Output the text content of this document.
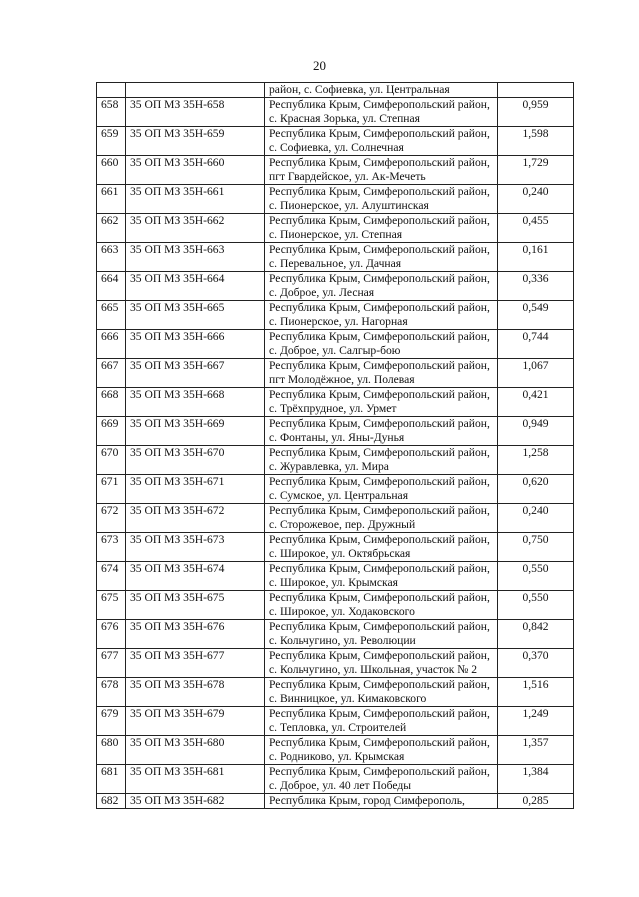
20
		район, с. Софиевка, ул. Центральная	
658	35 ОП МЗ 35Н-658	Республика Крым, Симферопольский район, с. Красная Зорька, ул. Степная	0,959
659	35 ОП МЗ 35Н-659	Республика Крым, Симферопольский район, с. Софиевка, ул. Солнечная	1,598
660	35 ОП МЗ 35Н-660	Республика Крым, Симферопольский район, пгт Гвардейское, ул. Ак-Мечеть	1,729
661	35 ОП МЗ 35Н-661	Республика Крым, Симферопольский район, с. Пионерское, ул. Алуштинская	0,240
662	35 ОП МЗ 35Н-662	Республика Крым, Симферопольский район, с. Пионерское, ул. Степная	0,455
663	35 ОП МЗ 35Н-663	Республика Крым, Симферопольский район, с. Перевальное, ул. Дачная	0,161
664	35 ОП МЗ 35Н-664	Республика Крым, Симферопольский район, с. Доброе, ул. Лесная	0,336
665	35 ОП МЗ 35Н-665	Республика Крым, Симферопольский район, с. Пионерское, ул. Нагорная	0,549
666	35 ОП МЗ 35Н-666	Республика Крым, Симферопольский район, с. Доброе, ул. Салгыр-бою	0,744
667	35 ОП МЗ 35Н-667	Республика Крым, Симферопольский район, пгт Молодёжное, ул. Полевая	1,067
668	35 ОП МЗ 35Н-668	Республика Крым, Симферопольский район, с. Трёхпрудное, ул. Урмет	0,421
669	35 ОП МЗ 35Н-669	Республика Крым, Симферопольский район, с. Фонтаны, ул. Яны-Дунья	0,949
670	35 ОП МЗ 35Н-670	Республика Крым, Симферопольский район, с. Журавлевка, ул. Мира	1,258
671	35 ОП МЗ 35Н-671	Республика Крым, Симферопольский район, с. Сумское, ул. Центральная	0,620
672	35 ОП МЗ 35Н-672	Республика Крым, Симферопольский район, с. Сторожевое, пер. Дружный	0,240
673	35 ОП МЗ 35Н-673	Республика Крым, Симферопольский район, с. Широкое, ул. Октябрьская	0,750
674	35 ОП МЗ 35Н-674	Республика Крым, Симферопольский район, с. Широкое, ул. Крымская	0,550
675	35 ОП МЗ 35Н-675	Республика Крым, Симферопольский район, с. Широкое, ул. Ходаковского	0,550
676	35 ОП МЗ 35Н-676	Республика Крым, Симферопольский район, с. Кольчугино, ул. Революции	0,842
677	35 ОП МЗ 35Н-677	Республика Крым, Симферопольский район, с. Кольчугино, ул. Школьная, участок № 2	0,370
678	35 ОП МЗ 35Н-678	Республика Крым, Симферопольский район, с. Винницкое, ул. Кимаковского	1,516
679	35 ОП МЗ 35Н-679	Республика Крым, Симферопольский район, с. Тепловка, ул. Строителей	1,249
680	35 ОП МЗ 35Н-680	Республика Крым, Симферопольский район, с. Родниково, ул. Крымская	1,357
681	35 ОП МЗ 35Н-681	Республика Крым, Симферопольский район, с. Доброе, ул. 40 лет Победы	1,384
682	35 ОП МЗ 35Н-682	Республика Крым, город Симферополь,	0,285
